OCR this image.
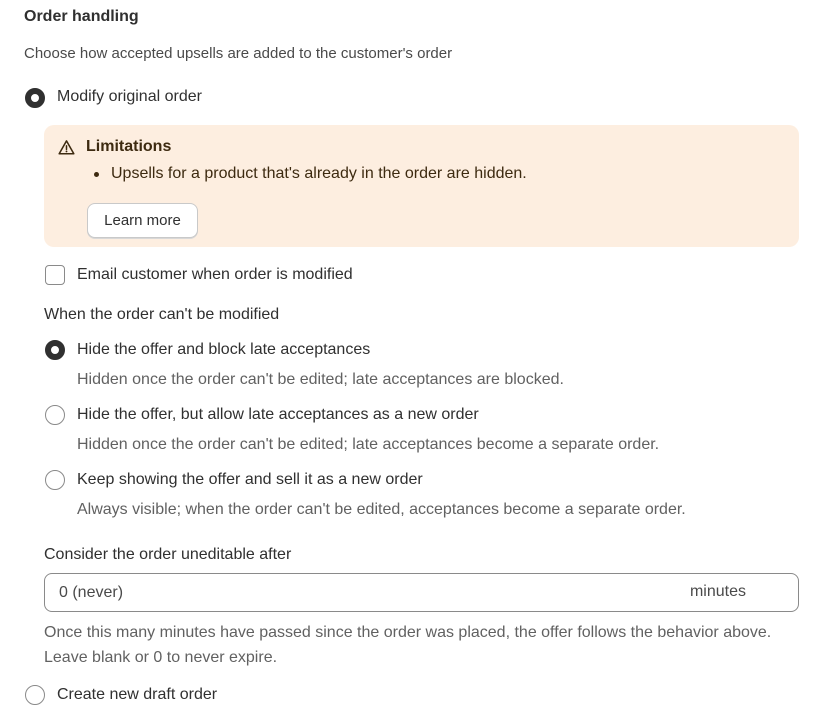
Order handling
Choose how accepted upsells are added to the customer's order
Modify original order
Limitations
Upsells for a product that's already in the order are hidden.
Learn more
Email customer when order is modified
When the order can't be modified
Hide the offer and block late acceptances
Hidden once the order can't be edited; late acceptances are blocked.
Hide the offer, but allow late acceptances as a new order
Hidden once the order can't be edited; late acceptances become a separate order.
Keep showing the offer and sell it as a new order
Always visible; when the order can't be edited, acceptances become a separate order.
Consider the order uneditable after
0 (never)
minutes
Once this many minutes have passed since the order was placed, the offer follows the behavior above. Leave blank or 0 to never expire.
Create new draft order
